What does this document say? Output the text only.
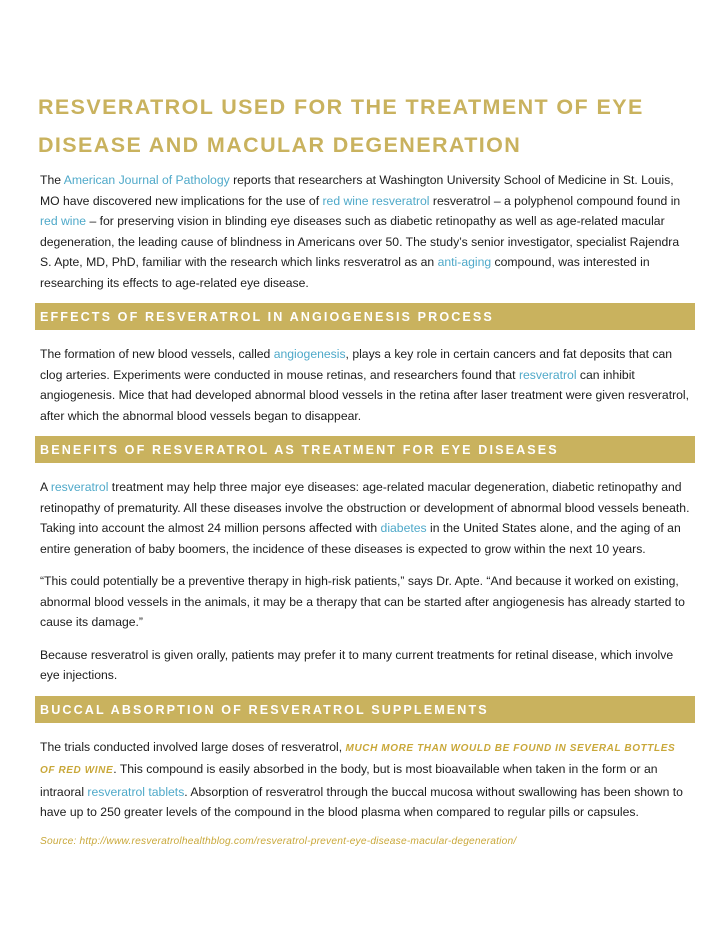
RESVERATROL USED FOR THE TREATMENT OF EYE DISEASE AND MACULAR DEGENERATION

The American Journal of Pathology reports that researchers at Washington University School of Medicine in St. Louis, MO have discovered new implications for the use of red wine resveratrol resveratrol – a polyphenol compound found in red wine – for preserving vision in blinding eye diseases such as diabetic retinopathy as well as age-related macular degeneration, the leading cause of blindness in Americans over 50. The study’s senior investigator, specialist Rajendra S. Apte, MD, PhD, familiar with the research which links resveratrol as an anti-aging compound, was interested in researching its effects to age-related eye disease.

EFFECTS OF RESVERATROL IN ANGIOGENESIS PROCESS

The formation of new blood vessels, called angiogenesis, plays a key role in certain cancers and fat deposits that can clog arteries. Experiments were conducted in mouse retinas, and researchers found that resveratrol can inhibit angiogenesis. Mice that had developed abnormal blood vessels in the retina after laser treatment were given resveratrol, after which the abnormal blood vessels began to disappear.

BENEFITS OF RESVERATROL AS TREATMENT FOR EYE DISEASES

A resveratrol treatment may help three major eye diseases: age-related macular degeneration, diabetic retinopathy and retinopathy of prematurity. All these diseases involve the obstruction or development of abnormal blood vessels beneath. Taking into account the almost 24 million persons affected with diabetes in the United States alone, and the aging of an entire generation of baby boomers, the incidence of these diseases is expected to grow within the next 10 years.

“This could potentially be a preventive therapy in high-risk patients,” says Dr. Apte. “And because it worked on existing, abnormal blood vessels in the animals, it may be a therapy that can be started after angiogenesis has already started to cause its damage.”

Because resveratrol is given orally, patients may prefer it to many current treatments for retinal disease, which involve eye injections.

BUCCAL ABSORPTION OF RESVERATROL SUPPLEMENTS

The trials conducted involved large doses of resveratrol, MUCH MORE THAN WOULD BE FOUND IN SEVERAL BOTTLES OF RED WINE. This compound is easily absorbed in the body, but is most bioavailable when taken in the form or an intraoral resveratrol tablets. Absorption of resveratrol through the buccal mucosa without swallowing has been shown to have up to 250 greater levels of the compound in the blood plasma when compared to regular pills or capsules.

Source: http://www.resveratrolhealthblog.com/resveratrol-prevent-eye-disease-macular-degeneration/
